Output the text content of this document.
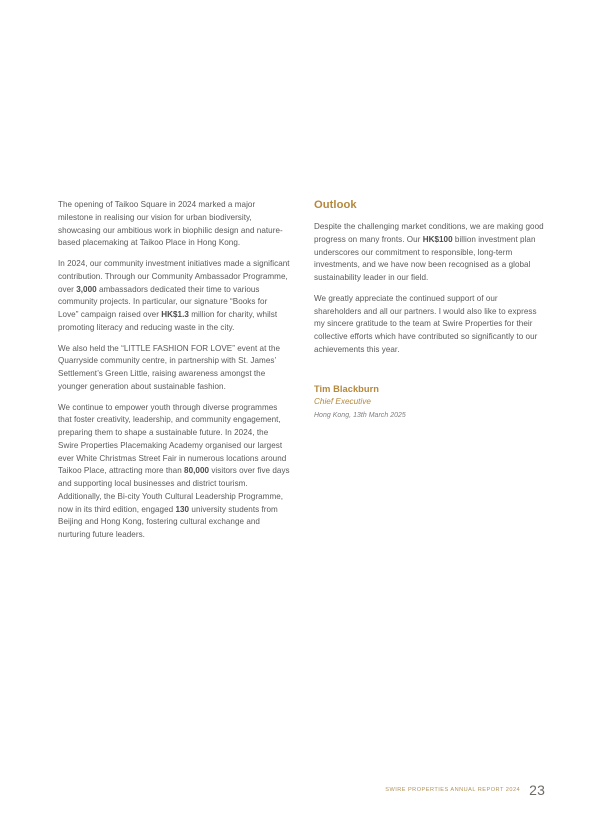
The opening of Taikoo Square in 2024 marked a major milestone in realising our vision for urban biodiversity, showcasing our ambitious work in biophilic design and nature-based placemaking at Taikoo Place in Hong Kong.

In 2024, our community investment initiatives made a significant contribution. Through our Community Ambassador Programme, over 3,000 ambassadors dedicated their time to various community projects. In particular, our signature “Books for Love” campaign raised over HK$1.3 million for charity, whilst promoting literacy and reducing waste in the city.

We also held the “LITTLE FASHION FOR LOVE” event at the Quarryside community centre, in partnership with St. James’ Settlement’s Green Little, raising awareness amongst the younger generation about sustainable fashion.

We continue to empower youth through diverse programmes that foster creativity, leadership, and community engagement, preparing them to shape a sustainable future. In 2024, the Swire Properties Placemaking Academy organised our largest ever White Christmas Street Fair in numerous locations around Taikoo Place, attracting more than 80,000 visitors over five days and supporting local businesses and district tourism. Additionally, the Bi-city Youth Cultural Leadership Programme, now in its third edition, engaged 130 university students from Beijing and Hong Kong, fostering cultural exchange and nurturing future leaders.

Outlook

Despite the challenging market conditions, we are making good progress on many fronts. Our HK$100 billion investment plan underscores our commitment to responsible, long-term investments, and we have now been recognised as a global sustainability leader in our field.

We greatly appreciate the continued support of our shareholders and all our partners. I would also like to express my sincere gratitude to the team at Swire Properties for their collective efforts which have contributed so significantly to our achievements this year.

Tim Blackburn
Chief Executive
Hong Kong, 13th March 2025
SWIRE PROPERTIES ANNUAL REPORT 2024 23
